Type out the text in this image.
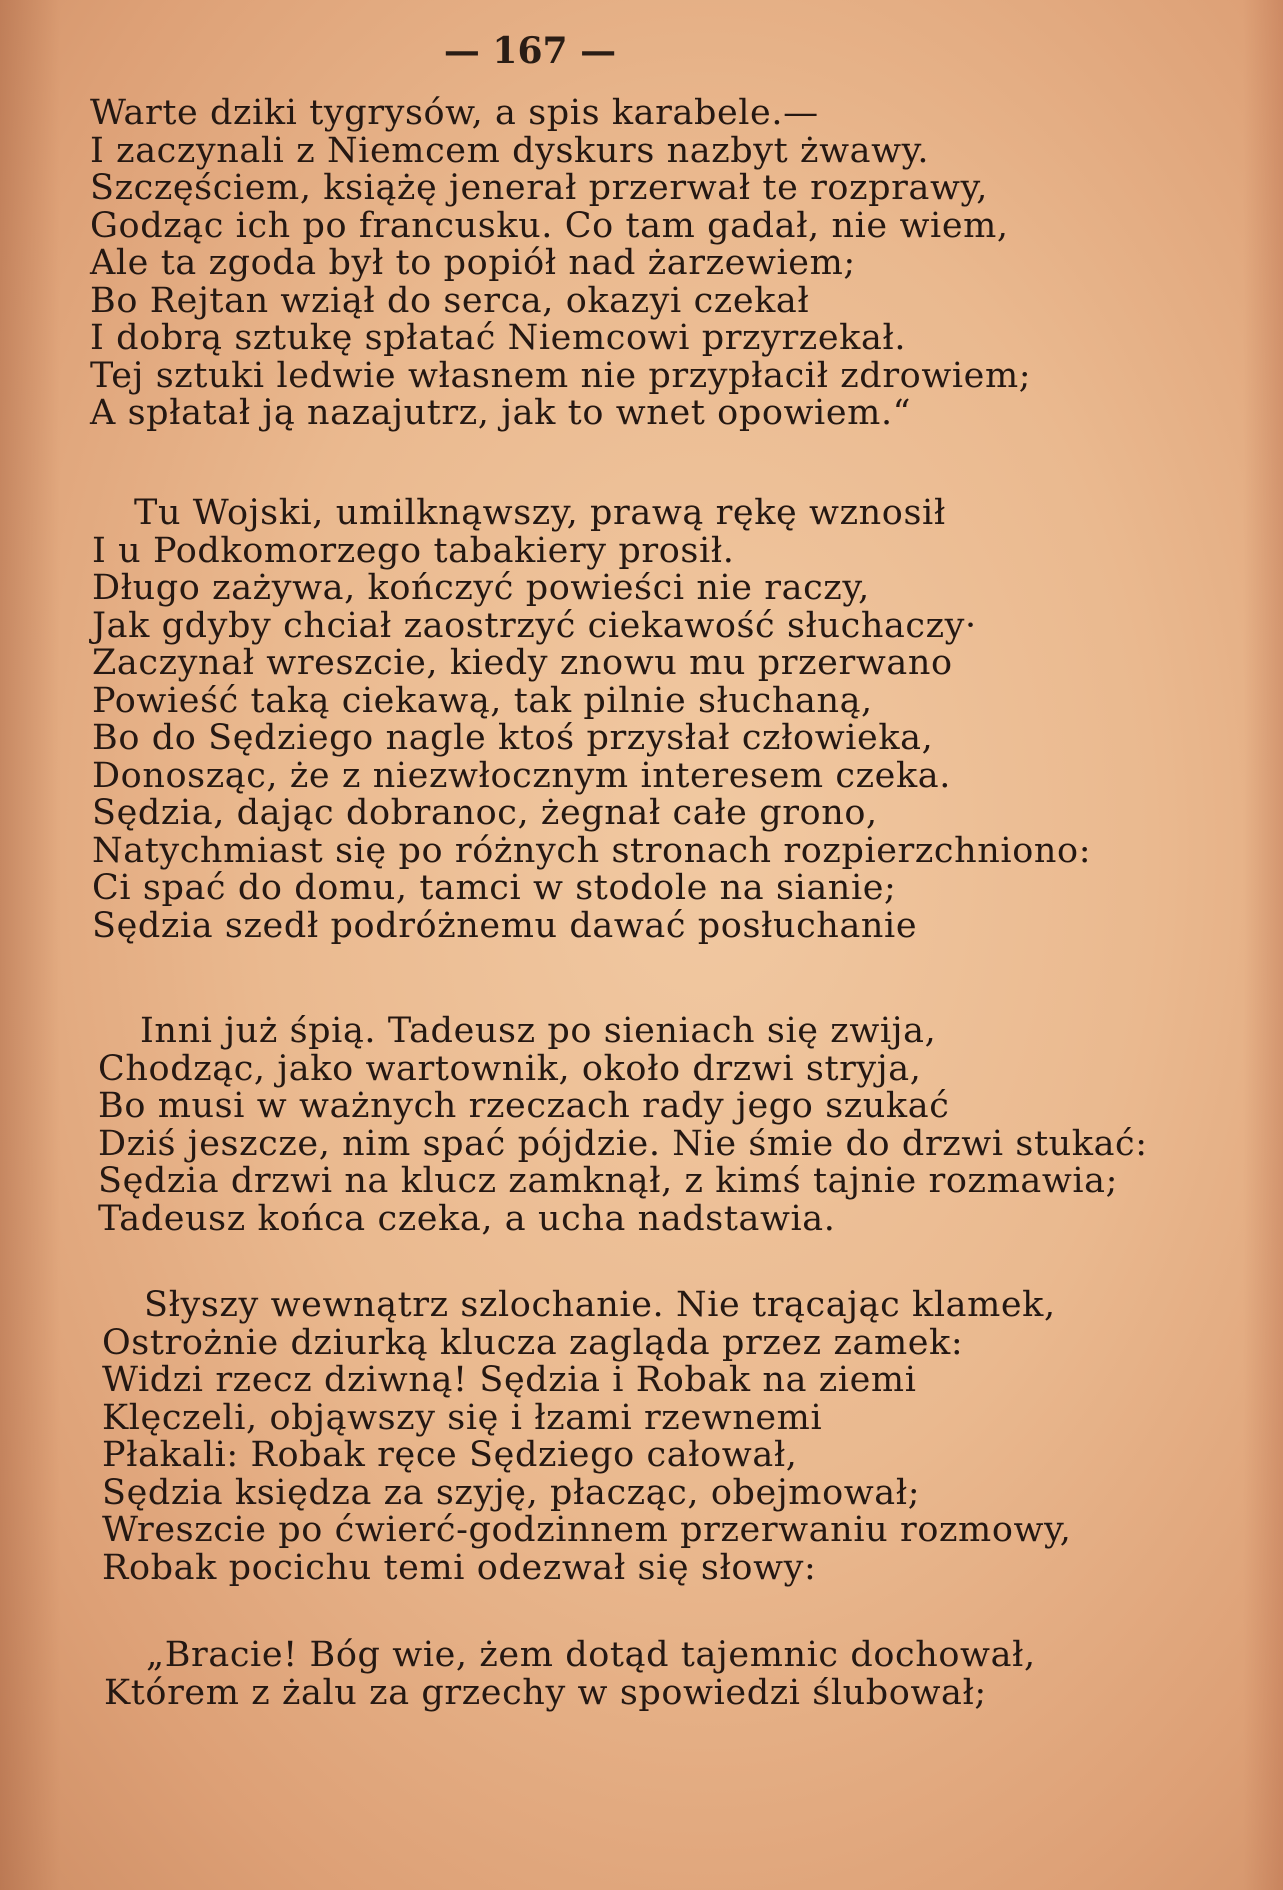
— 167 —
Warte dziki tygrysów, a spis karabele.—
I zaczynali z Niemcem dyskurs nazbyt żwawy.
Szczęściem, książę jenerał przerwał te rozprawy,
Godząc ich po francusku. Co tam gadał, nie wiem,
Ale ta zgoda był to popiół nad żarzewiem;
Bo Rejtan wziął do serca, okazyi czekał
I dobrą sztukę spłatać Niemcowi przyrzekał.
Tej sztuki ledwie własnem nie przypłacił zdrowiem;
A spłatał ją nazajutrz, jak to wnet opowiem.“
Tu Wojski, umilknąwszy, prawą rękę wznosił
I u Podkomorzego tabakiery prosił.
Długo zażywa, kończyć powieści nie raczy,
Jak gdyby chciał zaostrzyć ciekawość słuchaczy·
Zaczynał wreszcie, kiedy znowu mu przerwano
Powieść taką ciekawą, tak pilnie słuchaną,
Bo do Sędziego nagle ktoś przysłał człowieka,
Donosząc, że z niezwłocznym interesem czeka.
Sędzia, dając dobranoc, żegnał całe grono,
Natychmiast się po różnych stronach rozpierzchniono:
Ci spać do domu, tamci w stodole na sianie;
Sędzia szedł podróżnemu dawać posłuchanie
Inni już śpią. Tadeusz po sieniach się zwija,
Chodząc, jako wartownik, około drzwi stryja,
Bo musi w ważnych rzeczach rady jego szukać
Dziś jeszcze, nim spać pójdzie. Nie śmie do drzwi stukać:
Sędzia drzwi na klucz zamknął, z kimś tajnie rozmawia;
Tadeusz końca czeka, a ucha nadstawia.
Słyszy wewnątrz szlochanie. Nie trącając klamek,
Ostrożnie dziurką klucza zagląda przez zamek:
Widzi rzecz dziwną! Sędzia i Robak na ziemi
Klęczeli, objąwszy się i łzami rzewnemi
Płakali: Robak ręce Sędziego całował,
Sędzia księdza za szyję, płacząc, obejmował;
Wreszcie po ćwierć-godzinnem przerwaniu rozmowy,
Robak pocichu temi odezwał się słowy:
„Bracie! Bóg wie, żem dotąd tajemnic dochował,
Którem z żalu za grzechy w spowiedzi ślubował;
